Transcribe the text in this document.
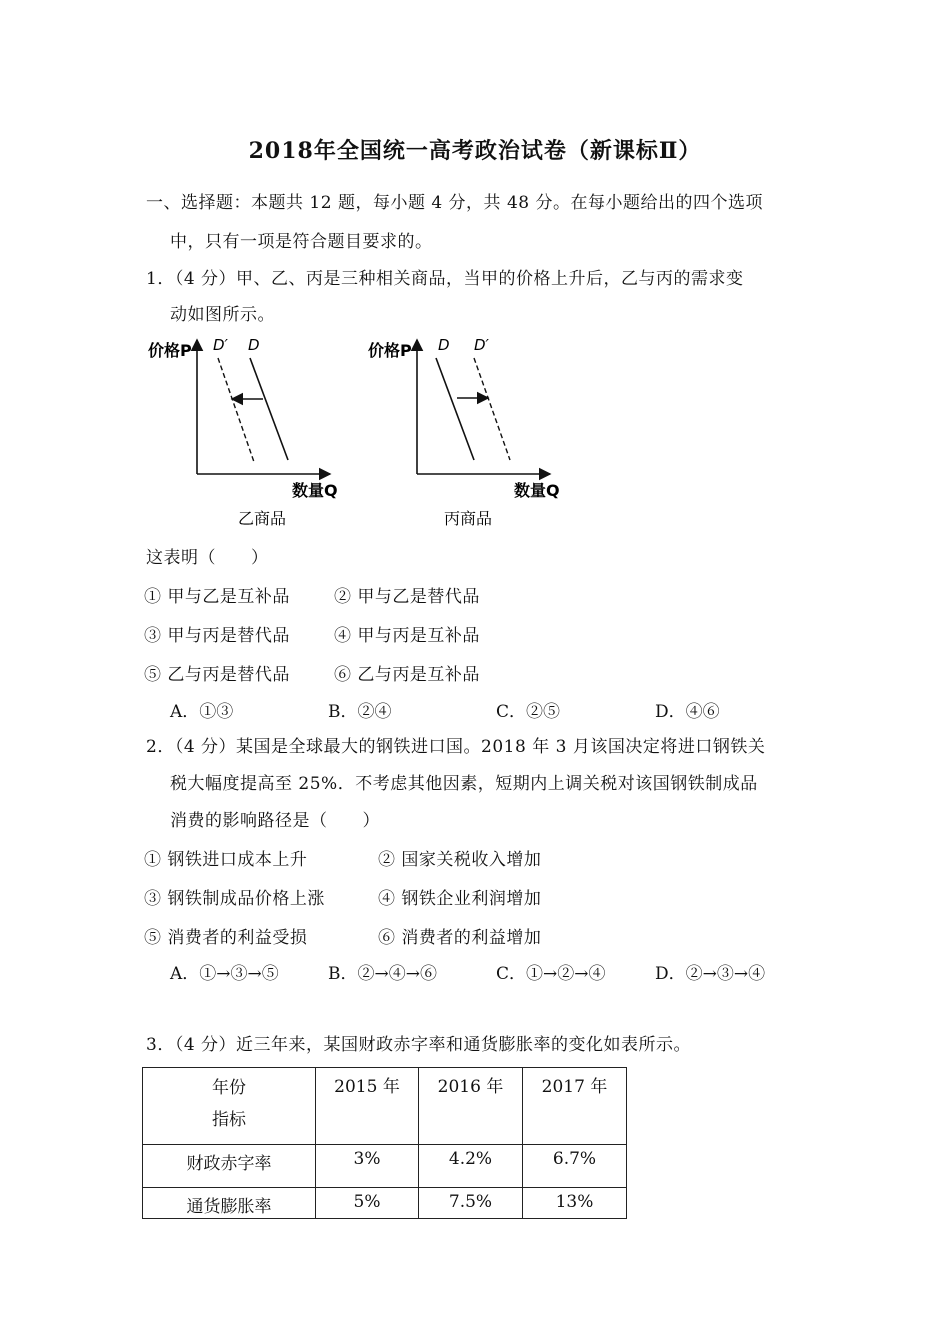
2018年全国统一高考政治试卷（新课标Ⅱ）
一、选择题：本题共 12 题，每小题 4 分，共 48 分。在每小题给出的四个选项
中，只有一项是符合题目要求的。
1．（4 分）甲、乙、丙是三种相关商品，当甲的价格上升后，乙与丙的需求变
动如图所示。
价格P
数量Q
D′ D
乙商品
价格P
数量Q
D D′
丙商品
这表明（　　）
① 甲与乙是互补品	② 甲与乙是替代品
③ 甲与丙是替代品	④ 甲与丙是互补品
⑤ 乙与丙是替代品	⑥ 乙与丙是互补品
A．①③	B．②④	C．②⑤	D．④⑥
2．（4 分）某国是全球最大的钢铁进口国。2018 年 3 月该国决定将进口钢铁关
税大幅度提高至 25%．不考虑其他因素，短期内上调关税对该国钢铁制成品
消费的影响路径是（　　）
① 钢铁进口成本上升	② 国家关税收入增加
③ 钢铁制成品价格上涨	④ 钢铁企业利润增加
⑤ 消费者的利益受损	⑥ 消费者的利益增加
A．①→③→⑤	B．②→④→⑥	C．①→②→④	D．②→③→④
3．（4 分）近三年来，某国财政赤字率和通货膨胀率的变化如表所示。
年份
指标	2015 年	2016 年	2017 年
财政赤字率	3%	4.2%	6.7%
通货膨胀率	5%	7.5%	13%
